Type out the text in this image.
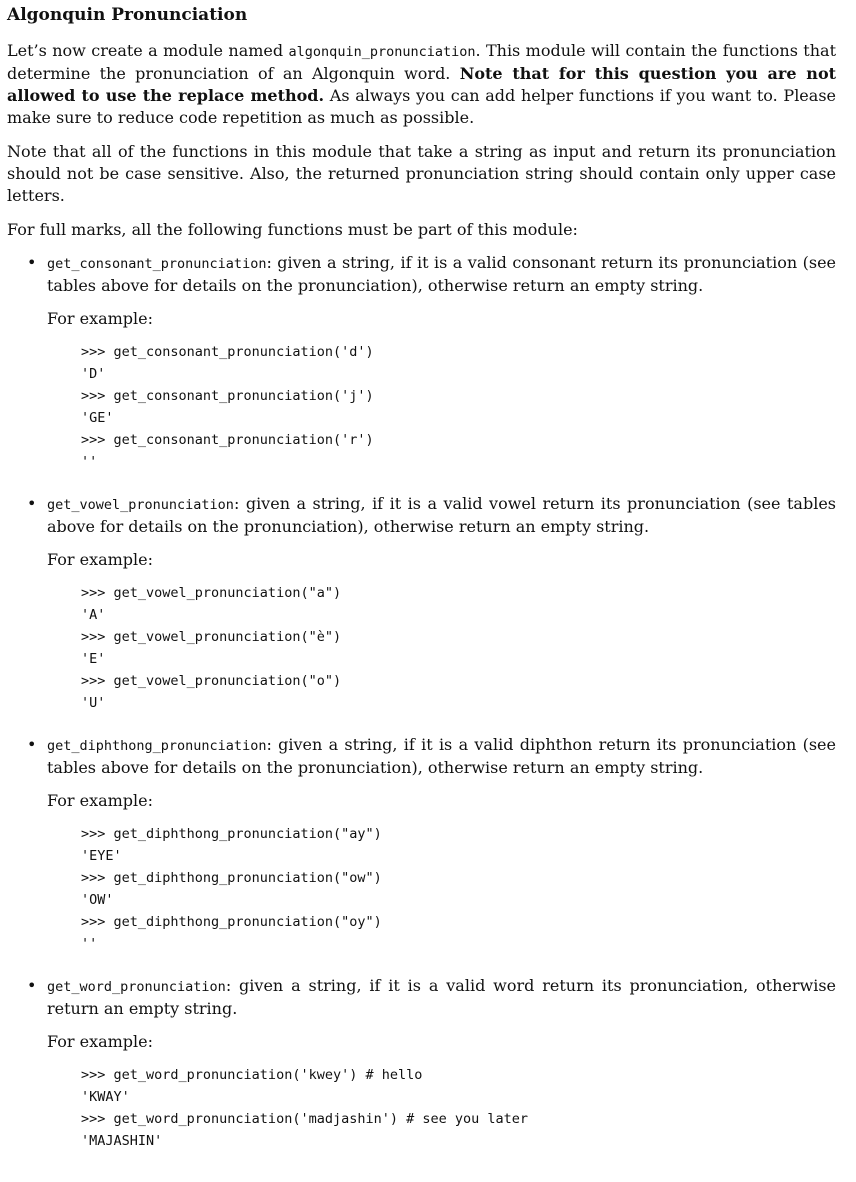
Algonquin Pronunciation

Let’s now create a module named algonquin_pronunciation. This module will contain the functions that determine the pronunciation of an Algonquin word. Note that for this question you are not allowed to use the replace method. As always you can add helper functions if you want to. Please make sure to reduce code repetition as much as possible.

Note that all of the functions in this module that take a string as input and return its pronunciation should not be case sensitive. Also, the returned pronunciation string should contain only upper case letters.

For full marks, all the following functions must be part of this module:

• get_consonant_pronunciation: given a string, if it is a valid consonant return its pronunciation (see tables above for details on the pronunciation), otherwise return an empty string.

For example:

>>> get_consonant_pronunciation('d')
'D'
>>> get_consonant_pronunciation('j')
'GE'
>>> get_consonant_pronunciation('r')
''
• get_vowel_pronunciation: given a string, if it is a valid vowel return its pronunciation (see tables above for details on the pronunciation), otherwise return an empty string.

For example:

>>> get_vowel_pronunciation("a")
'A'
>>> get_vowel_pronunciation("è")
'E'
>>> get_vowel_pronunciation("o")
'U'
• get_diphthong_pronunciation: given a string, if it is a valid diphthon return its pronunciation (see tables above for details on the pronunciation), otherwise return an empty string.

For example:

>>> get_diphthong_pronunciation("ay")
'EYE'
>>> get_diphthong_pronunciation("ow")
'OW'
>>> get_diphthong_pronunciation("oy")
''
• get_word_pronunciation: given a string, if it is a valid word return its pronunciation, otherwise return an empty string.

For example:

>>> get_word_pronunciation('kwey') # hello
'KWAY'
>>> get_word_pronunciation('madjashin') # see you later
'MAJASHIN'
